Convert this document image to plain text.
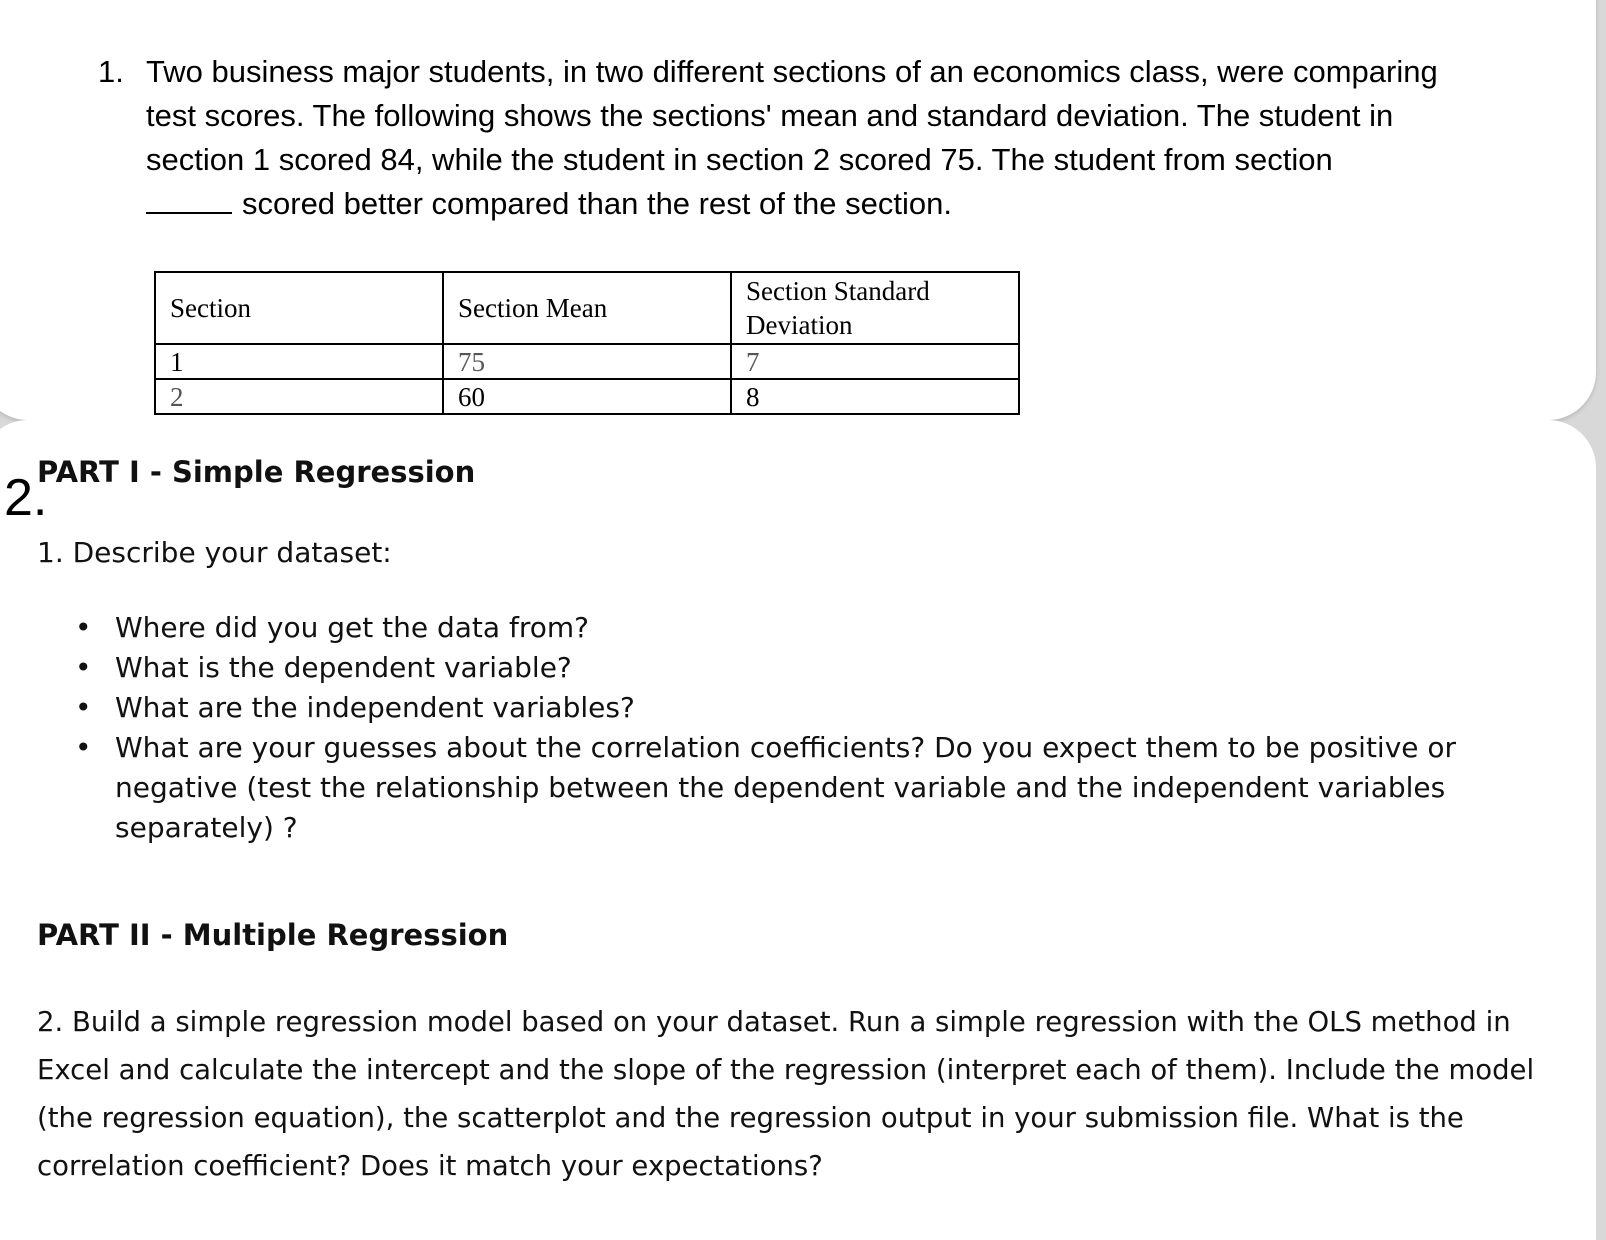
1. Two business major students, in two different sections of an economics class, were comparing
test scores. The following shows the sections' mean and standard deviation. The student in
section 1 scored 84, while the student in section 2 scored 75. The student from section
scored better compared than the rest of the section.
Section	Section Mean	Section Standard Deviation
1	75	7
2	60	8
2.
PART I - Simple Regression
1. Describe your dataset:
• Where did you get the data from?
• What is the dependent variable?
• What are the independent variables?
• What are your guesses about the correlation coefficients? Do you expect them to be positive or negative (test the relationship between the dependent variable and the independent variables separately) ?
PART II - Multiple Regression

2. Build a simple regression model based on your dataset. Run a simple regression with the OLS method in Excel and calculate the intercept and the slope of the regression (interpret each of them). Include the model (the regression equation), the scatterplot and the regression output in your submission file. What is the correlation coefficient? Does it match your expectations?
